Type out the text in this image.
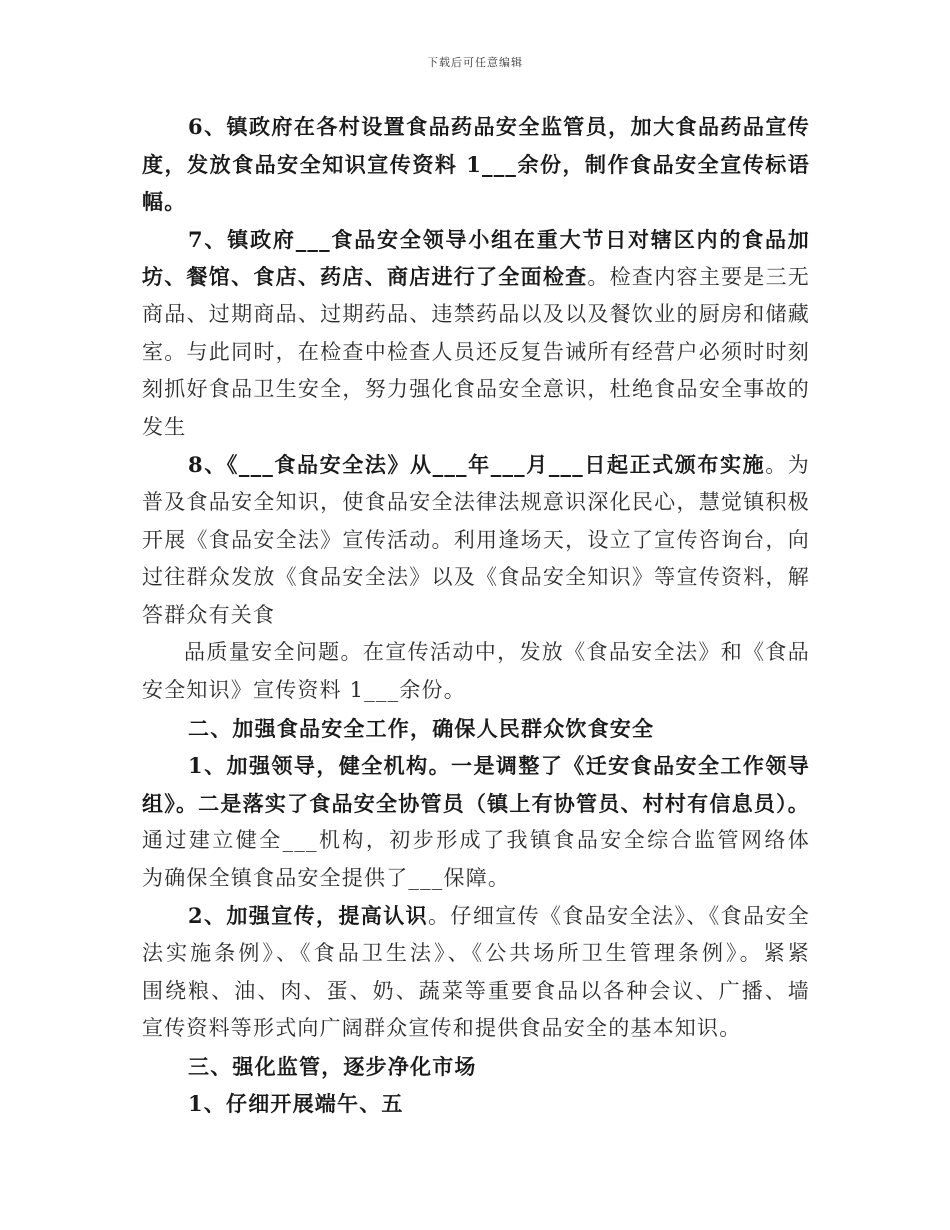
下载后可任意编辑
6、镇政府在各村设置食品药品安全监管员，加大食品药品宣传
度，发放食品安全知识宣传资料 1___余份，制作食品安全宣传标语
幅。
7、镇政府___食品安全领导小组在重大节日对辖区内的食品加
坊、餐馆、食店、药店、商店进行了全面检查。检查内容主要是三无
商品、过期商品、过期药品、违禁药品以及以及餐饮业的厨房和储藏
室。与此同时，在检查中检查人员还反复告诫所有经营户必须时时刻
刻抓好食品卫生安全，努力强化食品安全意识，杜绝食品安全事故的
发生
8、《___食品安全法》从___年___月___日起正式颁布实施。为
普及食品安全知识，使食品安全法律法规意识深化民心，慧觉镇积极
开展《食品安全法》宣传活动。利用逢场天，设立了宣传咨询台，向
过往群众发放《食品安全法》以及《食品安全知识》等宣传资料，解
答群众有关食
品质量安全问题。在宣传活动中，发放《食品安全法》和《食品
安全知识》宣传资料 1___余份。
二、加强食品安全工作，确保人民群众饮食安全
1、加强领导，健全机构。一是调整了《迁安食品安全工作领导
组》。二是落实了食品安全协管员（镇上有协管员、村村有信息员）。
通过建立健全___机构，初步形成了我镇食品安全综合监管网络体
为确保全镇食品安全提供了___保障。
2、加强宣传，提高认识。仔细宣传《食品安全法》、《食品安全
法实施条例》、《食品卫生法》、《公共场所卫生管理条例》。紧紧
围绕粮、油、肉、蛋、奶、蔬菜等重要食品以各种会议、广播、墙
宣传资料等形式向广阔群众宣传和提供食品安全的基本知识。
三、强化监管，逐步净化市场
1、仔细开展端午、五
